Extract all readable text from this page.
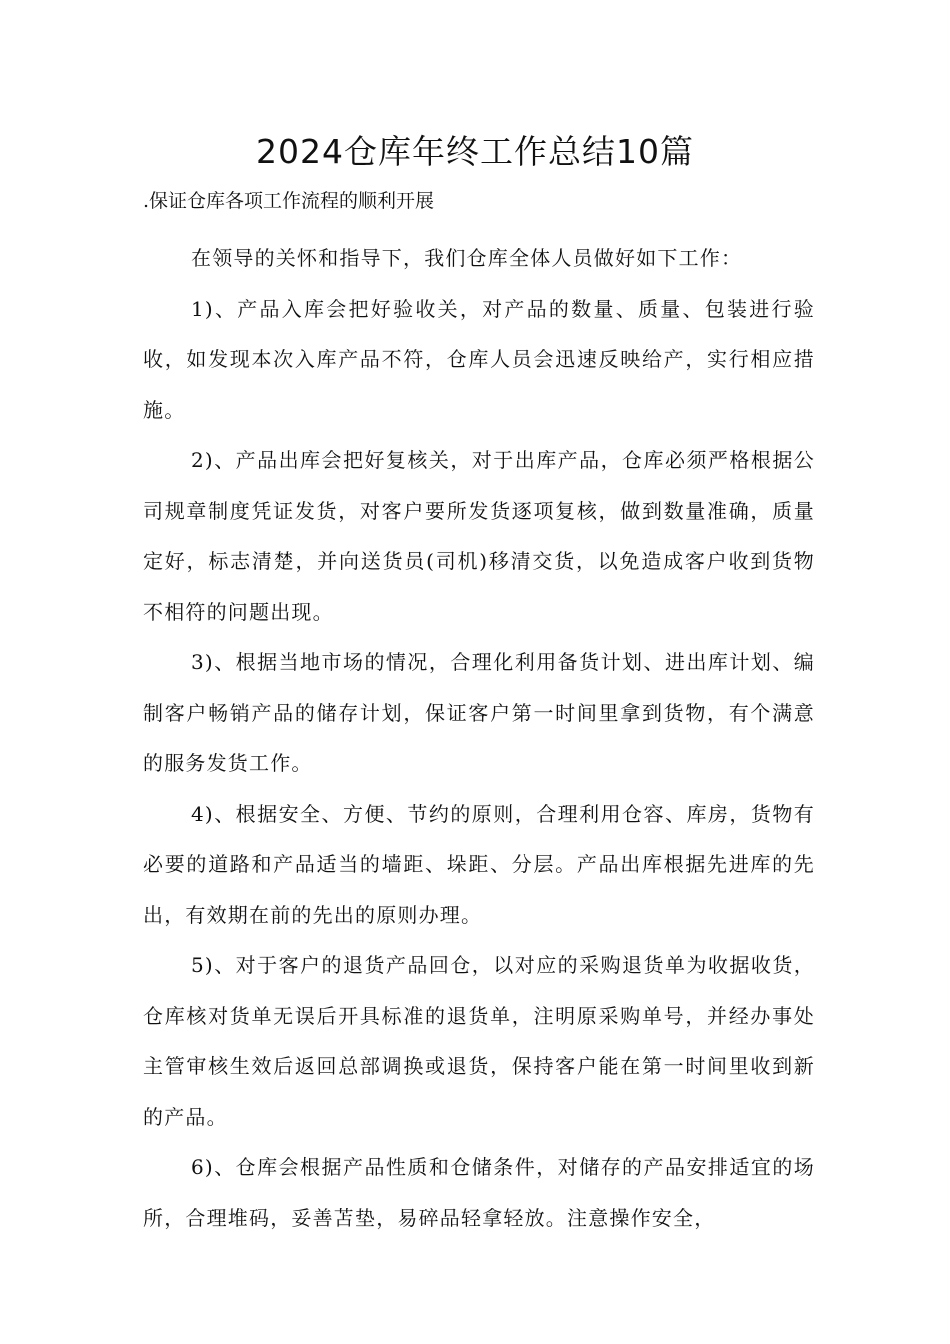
2024仓库年终工作总结10篇

.保证仓库各项工作流程的顺利开展

在领导的关怀和指导下，我们仓库全体人员做好如下工作：

1)、产品入库会把好验收关，对产品的数量、质量、包装进行验收，如发现本次入库产品不符，仓库人员会迅速反映给产，实行相应措施。

2)、产品出库会把好复核关，对于出库产品，仓库必须严格根据公司规章制度凭证发货，对客户要所发货逐项复核，做到数量准确，质量定好，标志清楚，并向送货员(司机)移清交货，以免造成客户收到货物不相符的问题出现。

3)、根据当地市场的情况，合理化利用备货计划、进出库计划、编制客户畅销产品的储存计划，保证客户第一时间里拿到货物，有个满意的服务发货工作。

4)、根据安全、方便、节约的原则，合理利用仓容、库房，货物有必要的道路和产品适当的墙距、垛距、分层。产品出库根据先进库的先出，有效期在前的先出的原则办理。

5)、对于客户的退货产品回仓，以对应的采购退货单为收据收货，仓库核对货单无误后开具标准的退货单，注明原采购单号，并经办事处主管审核生效后返回总部调换或退货，保持客户能在第一时间里收到新的产品。

6)、仓库会根据产品性质和仓储条件，对储存的产品安排适宜的场所，合理堆码，妥善苫垫，易碎品轻拿轻放。注意操作安全，
